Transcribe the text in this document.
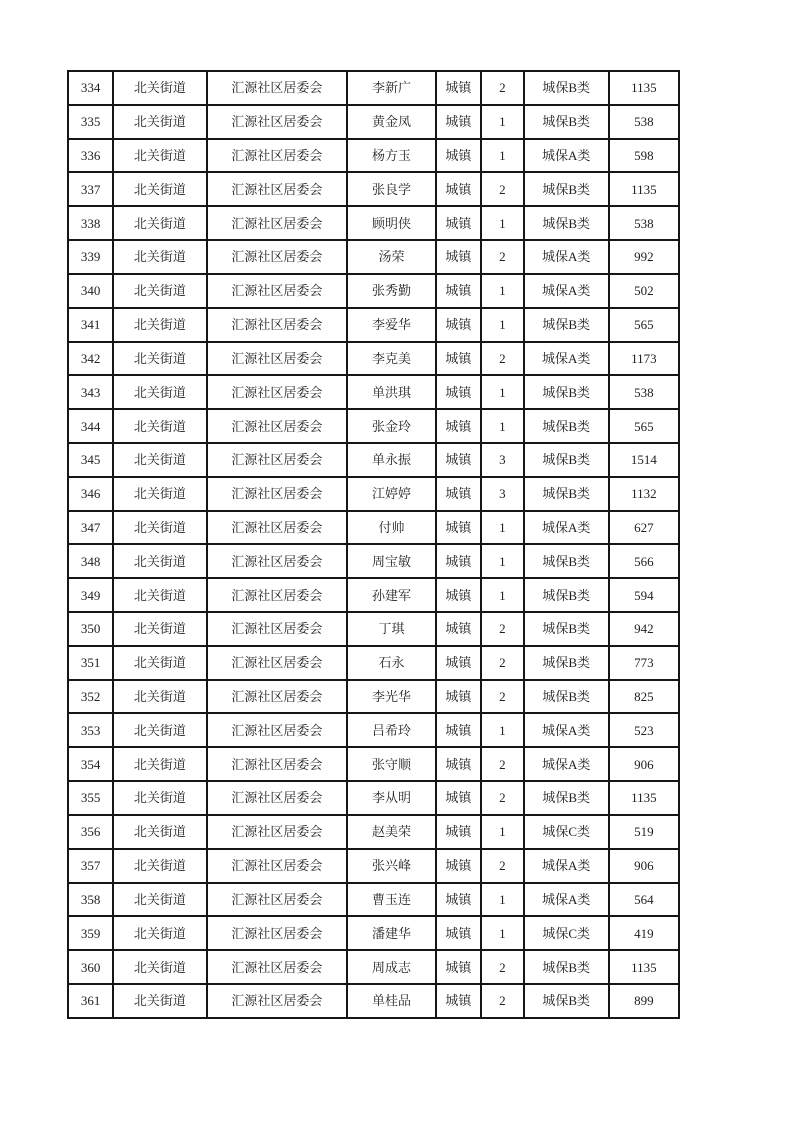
334	北关街道	汇源社区居委会	李新广	城镇	2	城保B类	1135
335	北关街道	汇源社区居委会	黄金凤	城镇	1	城保B类	538
336	北关街道	汇源社区居委会	杨方玉	城镇	1	城保A类	598
337	北关街道	汇源社区居委会	张良学	城镇	2	城保B类	1135
338	北关街道	汇源社区居委会	顾明侠	城镇	1	城保B类	538
339	北关街道	汇源社区居委会	汤荣	城镇	2	城保A类	992
340	北关街道	汇源社区居委会	张秀勤	城镇	1	城保A类	502
341	北关街道	汇源社区居委会	李爱华	城镇	1	城保B类	565
342	北关街道	汇源社区居委会	李克美	城镇	2	城保A类	1173
343	北关街道	汇源社区居委会	单洪琪	城镇	1	城保B类	538
344	北关街道	汇源社区居委会	张金玲	城镇	1	城保B类	565
345	北关街道	汇源社区居委会	单永振	城镇	3	城保B类	1514
346	北关街道	汇源社区居委会	江婷婷	城镇	3	城保B类	1132
347	北关街道	汇源社区居委会	付帅	城镇	1	城保A类	627
348	北关街道	汇源社区居委会	周宝敏	城镇	1	城保B类	566
349	北关街道	汇源社区居委会	孙建军	城镇	1	城保B类	594
350	北关街道	汇源社区居委会	丁琪	城镇	2	城保B类	942
351	北关街道	汇源社区居委会	石永	城镇	2	城保B类	773
352	北关街道	汇源社区居委会	李光华	城镇	2	城保B类	825
353	北关街道	汇源社区居委会	吕希玲	城镇	1	城保A类	523
354	北关街道	汇源社区居委会	张守顺	城镇	2	城保A类	906
355	北关街道	汇源社区居委会	李从明	城镇	2	城保B类	1135
356	北关街道	汇源社区居委会	赵美荣	城镇	1	城保C类	519
357	北关街道	汇源社区居委会	张兴峰	城镇	2	城保A类	906
358	北关街道	汇源社区居委会	曹玉连	城镇	1	城保A类	564
359	北关街道	汇源社区居委会	潘建华	城镇	1	城保C类	419
360	北关街道	汇源社区居委会	周成志	城镇	2	城保B类	1135
361	北关街道	汇源社区居委会	单桂品	城镇	2	城保B类	899
